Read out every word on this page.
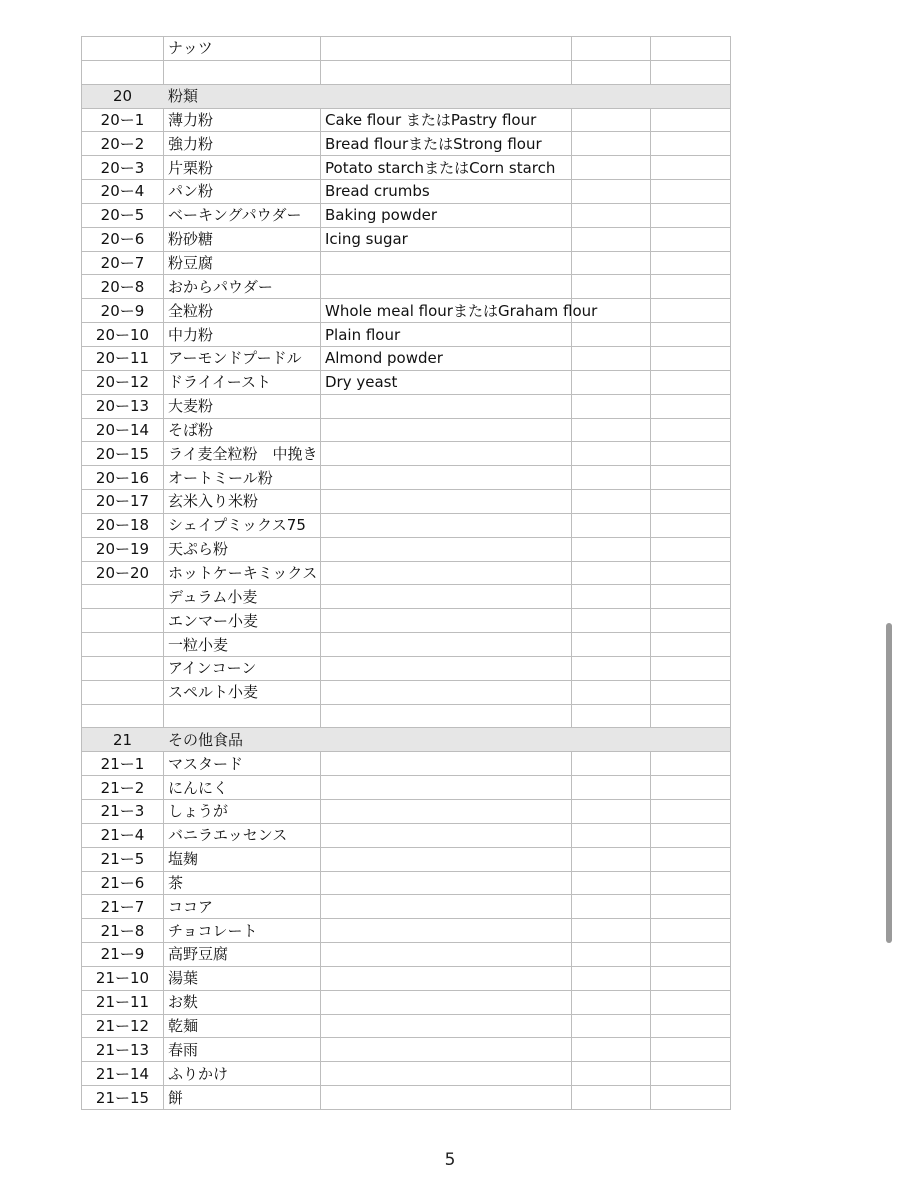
	ナッツ			

20	粉類			
20ー1	薄力粉	Cake flour またはPastry flour		
20ー2	強力粉	Bread flourまたはStrong flour		
20ー3	片栗粉	Potato starchまたはCorn starch		
20ー4	パン粉	Bread crumbs		
20ー5	ベーキングパウダー	Baking powder		
20ー6	粉砂糖	Icing sugar		
20ー7	粉豆腐			
20ー8	おからパウダー			
20ー9	全粒粉	Whole meal flourまたはGraham flour		
20ー10	中力粉	Plain flour		
20ー11	アーモンドプードル	Almond powder		
20ー12	ドライイースト	Dry yeast		
20ー13	大麦粉			
20ー14	そば粉			
20ー15	ライ麦全粒粉　中挽き			
20ー16	オートミール粉			
20ー17	玄米入り米粉			
20ー18	シェイプミックス75			
20ー19	天ぷら粉			
20ー20	ホットケーキミックス			
	デュラム小麦			
	エンマー小麦			
	一粒小麦			
	アインコーン			
	スペルト小麦			

21	その他食品			
21ー1	マスタード			
21ー2	にんにく			
21ー3	しょうが			
21ー4	バニラエッセンス			
21ー5	塩麹			
21ー6	茶			
21ー7	ココア			
21ー8	チョコレート			
21ー9	高野豆腐			
21ー10	湯葉			
21ー11	お麩			
21ー12	乾麺			
21ー13	春雨			
21ー14	ふりかけ			
21ー15	餅			
5
